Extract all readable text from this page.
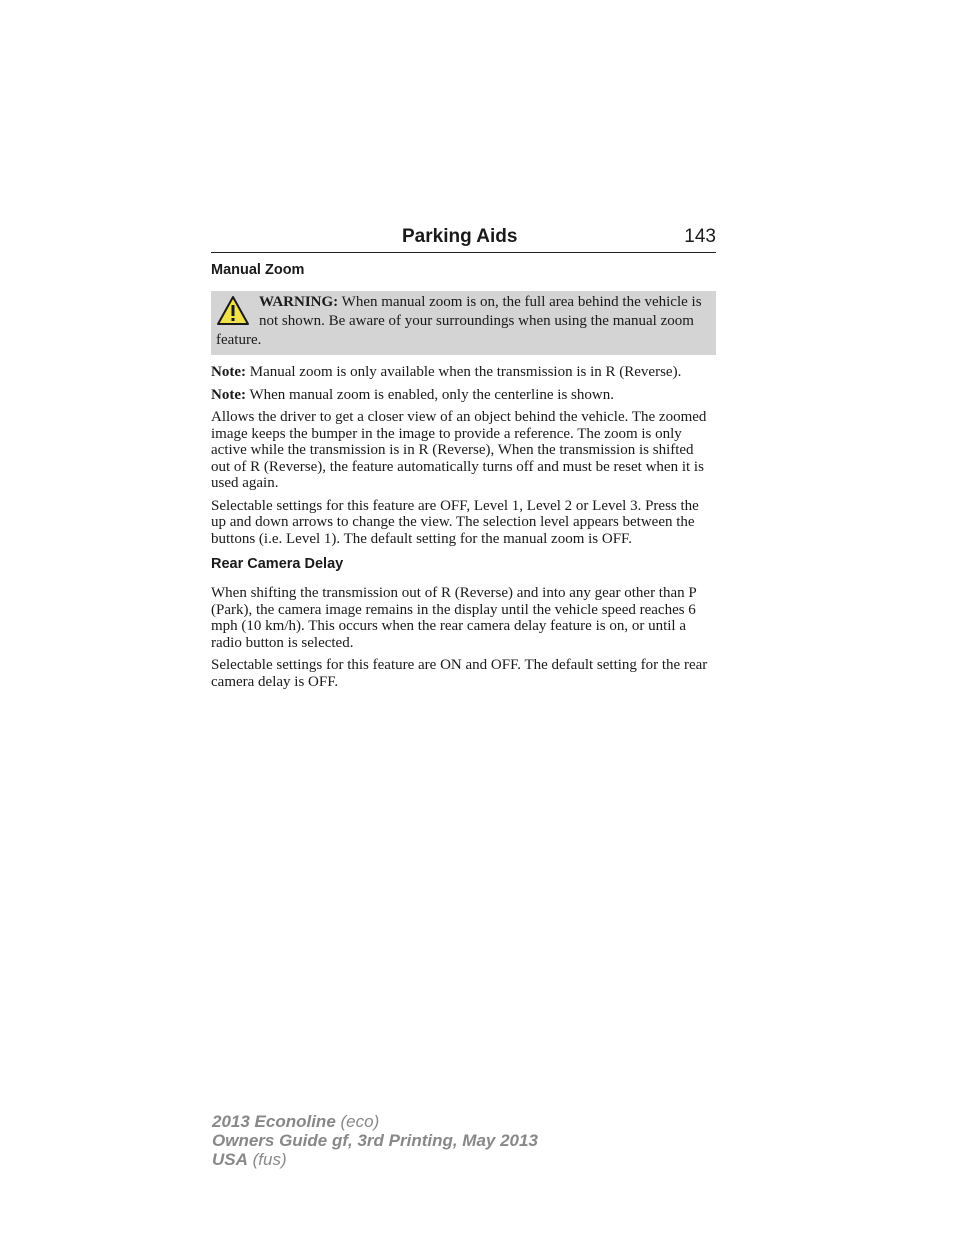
Parking Aids	143
Manual Zoom
WARNING: When manual zoom is on, the full area behind the vehicle is not shown. Be aware of your surroundings when using the manual zoom feature.

Note: Manual zoom is only available when the transmission is in R (Reverse).

Note: When manual zoom is enabled, only the centerline is shown.

Allows the driver to get a closer view of an object behind the vehicle. The zoomed image keeps the bumper in the image to provide a reference. The zoom is only active while the transmission is in R (Reverse), When the transmission is shifted out of R (Reverse), the feature automatically turns off and must be reset when it is used again.

Selectable settings for this feature are OFF, Level 1, Level 2 or Level 3. Press the up and down arrows to change the view. The selection level appears between the buttons (i.e. Level 1). The default setting for the manual zoom is OFF.

Rear Camera Delay

When shifting the transmission out of R (Reverse) and into any gear other than P (Park), the camera image remains in the display until the vehicle speed reaches 6 mph (10 km/h). This occurs when the rear camera delay feature is on, or until a radio button is selected.

Selectable settings for this feature are ON and OFF. The default setting for the rear camera delay is OFF.

2013 Econoline (eco)
Owners Guide gf, 3rd Printing, May 2013
USA (fus)
